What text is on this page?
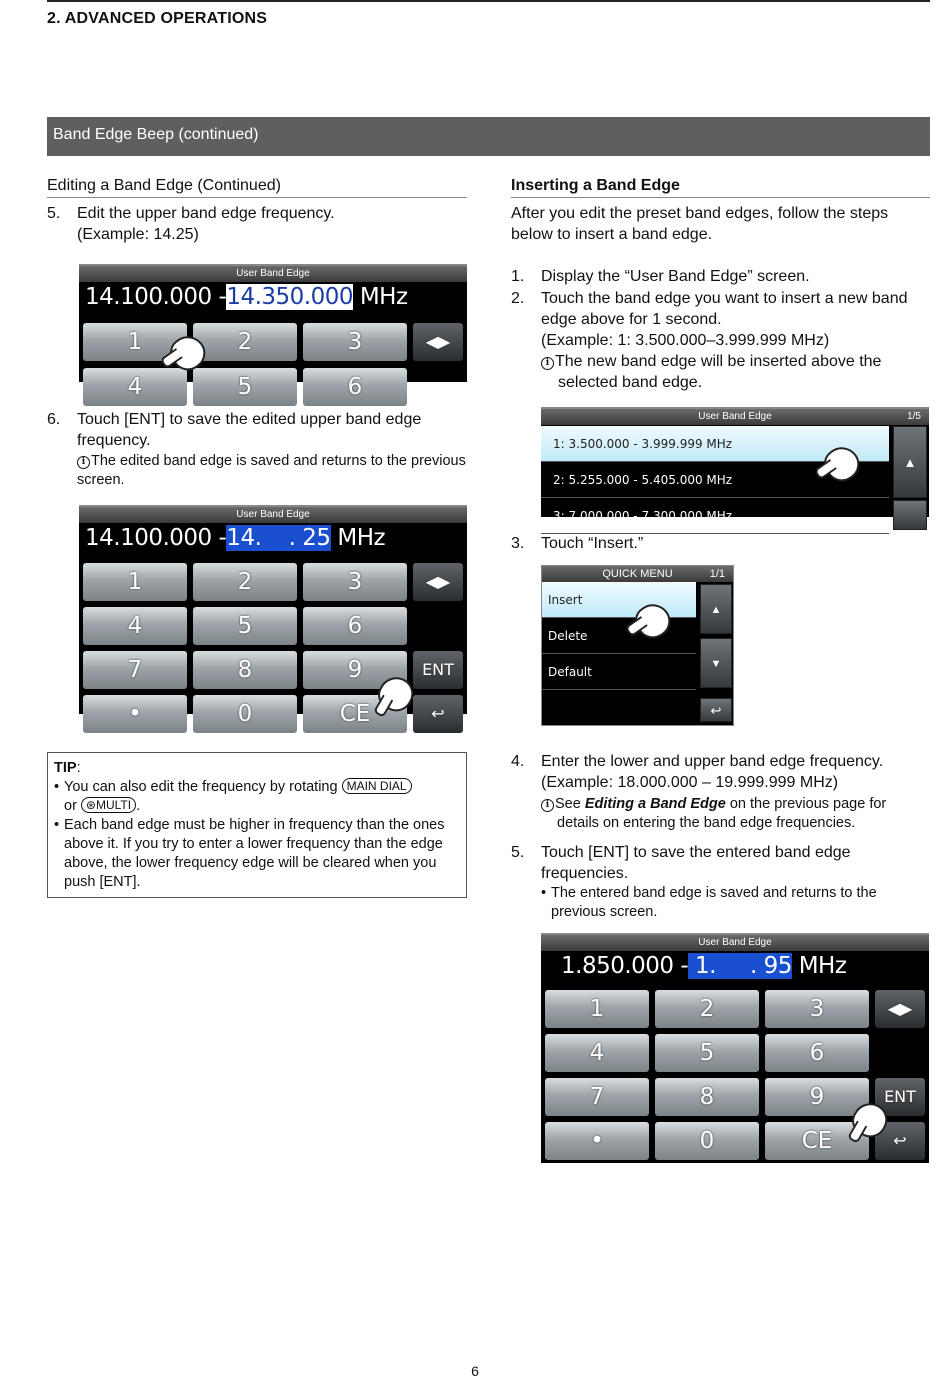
2. ADVANCED OPERATIONS
Band Edge Beep (continued)
Editing a Band Edge (Continued)
5. Edit the upper band edge frequency.
(Example: 14.25)
User Band Edge
14.100.000 -14.350.000 MHz
1	2	3	◀▶
4	5	6
6. Touch [ENT] to save the edited upper band edge frequency.
i The edited band edge is saved and returns to the previous screen.
User Band Edge
14.100.000 -14.    . 25 MHz
1	2	3	◀▶
4	5	6
7	8	9	ENT
•	0	CE	↩
TIP:
• You can also edit the frequency by rotating MAIN DIAL
or ⊛MULTI .
• Each band edge must be higher in frequency than the ones above it. If you try to enter a lower frequency than the edge above, the lower frequency edge will be cleared when you push [ENT].
Inserting a Band Edge
After you edit the preset band edges, follow the steps below to insert a band edge.
1. Display the “User Band Edge” screen.
2. Touch the band edge you want to insert a new band edge above for 1 second.
(Example: 1: 3.500.000–3.999.999 MHz)
i The new band edge will be inserted above the selected band edge.
User Band Edge	1/5
1: 3.500.000 - 3.999.999 MHz
2: 5.255.000 - 5.405.000 MHz
3: 7.000.000 - 7.300.000 MHz
▲
3. Touch “Insert.”
QUICK MENU	1/1
Insert
Delete
Default
▲
▼
↩
4. Enter the lower and upper band edge frequency.
(Example: 18.000.000 – 19.999.999 MHz)
i See Editing a Band Edge on the previous page for details on entering the band edge frequencies.
5. Touch [ENT] to save the entered band edge frequencies.
• The entered band edge is saved and returns to the previous screen.
User Band Edge
1.850.000 - 1.     . 95 MHz
1	2	3	◀▶
4	5	6
7	8	9	ENT
•	0	CE	↩
6
